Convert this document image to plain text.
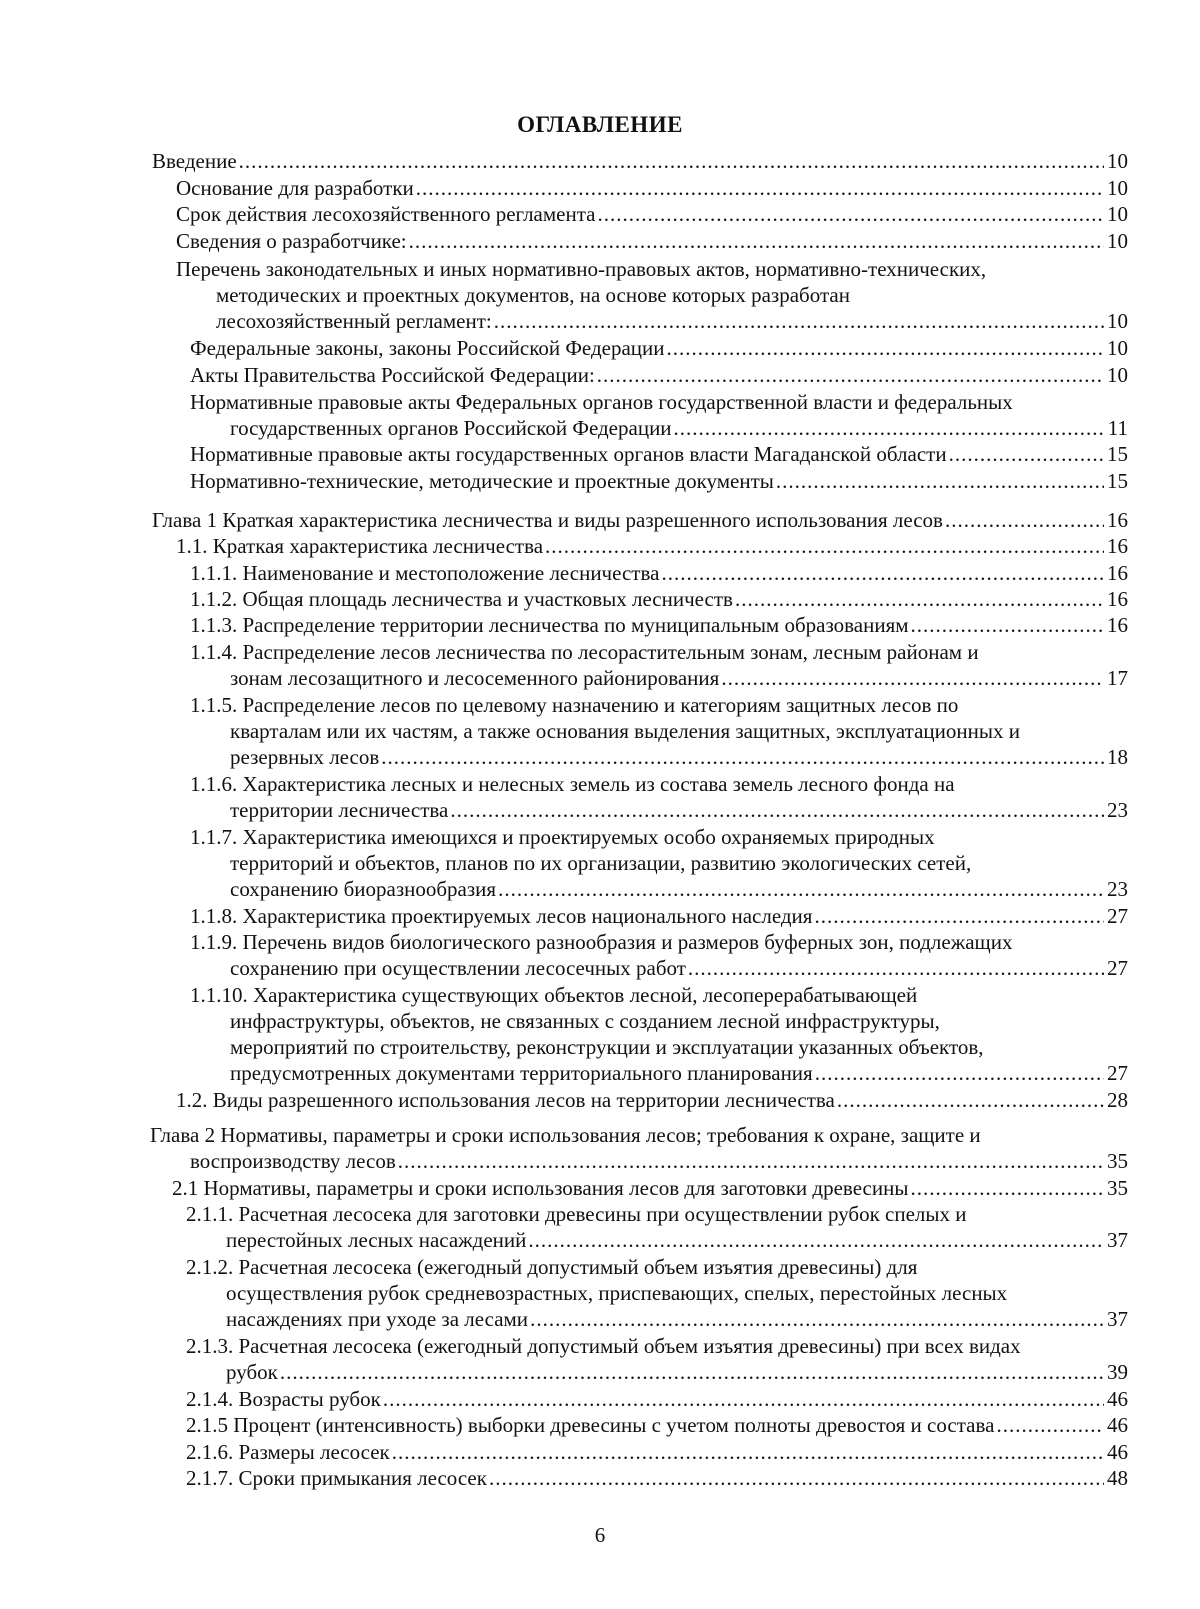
ОГЛАВЛЕНИЕ
Введение .....	10
Основание для разработки .....	10
Срок действия лесохозяйственного регламента .....	10
Сведения о разработчике: .....	10
Перечень законодательных и иных нормативно-правовых актов, нормативно-технических,
методических и проектных документов, на основе которых разработан
лесохозяйственный регламент: .....	10
Федеральные законы, законы Российской Федерации .....	10
Акты Правительства Российской Федерации: .....	10
Нормативные правовые акты Федеральных органов государственной власти и федеральных
государственных органов Российской Федерации .....	11
Нормативные правовые акты государственных органов власти Магаданской области .....	15
Нормативно-технические, методические и проектные документы .....	15
Глава 1 Краткая характеристика лесничества и виды разрешенного использования лесов .....	16
1.1. Краткая характеристика лесничества .....	16
1.1.1. Наименование и местоположение лесничества .....	16
1.1.2. Общая площадь лесничества и участковых лесничеств .....	16
1.1.3. Распределение территории лесничества по муниципальным образованиям .....	16
1.1.4. Распределение лесов лесничества по лесорастительным зонам, лесным районам и
зонам лесозащитного и лесосеменного районирования .....	17
1.1.5. Распределение лесов по целевому назначению и категориям защитных лесов по
кварталам или их частям, а также основания выделения защитных, эксплуатационных и
резервных лесов .....	18
1.1.6. Характеристика лесных и нелесных земель из состава земель лесного фонда на
территории лесничества .....	23
1.1.7. Характеристика имеющихся и проектируемых особо охраняемых природных
территорий и объектов, планов по их организации, развитию экологических сетей,
сохранению биоразнообразия .....	23
1.1.8. Характеристика проектируемых лесов национального наследия .....	27
1.1.9. Перечень видов биологического разнообразия и размеров буферных зон, подлежащих
сохранению при осуществлении лесосечных работ .....	27
1.1.10. Характеристика существующих объектов лесной, лесоперерабатывающей
инфраструктуры, объектов, не связанных с созданием лесной инфраструктуры,
мероприятий по строительству, реконструкции и эксплуатации указанных объектов,
предусмотренных документами территориального планирования .....	27
1.2. Виды разрешенного использования лесов на территории лесничества .....	28
Глава 2 Нормативы, параметры и сроки использования лесов; требования к охране, защите и
воспроизводству лесов .....	35
2.1 Нормативы, параметры и сроки использования лесов для заготовки древесины .....	35
2.1.1. Расчетная лесосека для заготовки древесины при осуществлении рубок спелых и
перестойных лесных насаждений .....	37
2.1.2. Расчетная лесосека (ежегодный допустимый объем изъятия древесины) для
осуществления рубок средневозрастных, приспевающих, спелых, перестойных лесных
насаждениях при уходе за лесами .....	37
2.1.3. Расчетная лесосека (ежегодный допустимый объем изъятия древесины) при всех видах
рубок .....	39
2.1.4. Возрасты рубок .....	46
2.1.5 Процент (интенсивность) выборки древесины с учетом полноты древостоя и состава .....	46
2.1.6. Размеры лесосек .....	46
2.1.7. Сроки примыкания лесосек .....	48
6
